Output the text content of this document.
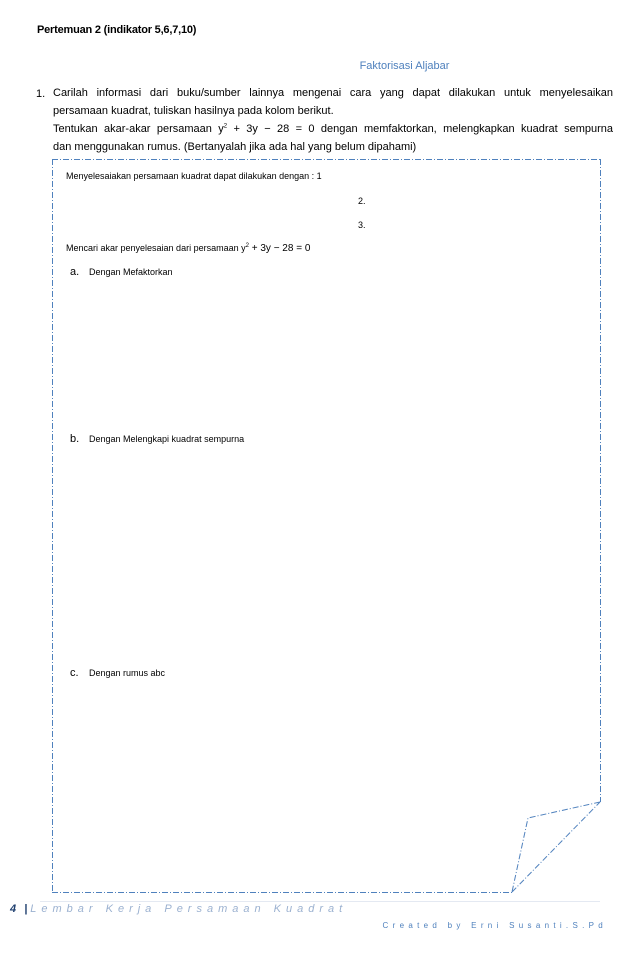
Pertemuan 2 (indikator 5,6,7,10)
Faktorisasi Aljabar
1. Carilah informasi dari buku/sumber lainnya mengenai cara yang dapat dilakukan untuk menyelesaikan

persamaan kuadrat, tuliskan hasilnya pada kolom berikut.

Tentukan akar-akar persamaan $y^2 + 3y - 28 = 0$ dengan memfaktorkan, melengkapkan kuadrat sempurna

dan menggunakan rumus. (Bertanyalah jika ada hal yang belum dipahami)

Menyelesaiakan persamaan kuadrat dapat dilakukan dengan : 1
2.
3.
Mencari akar penyelesaian dari persamaan $y^2 + 3y - 28 = 0$
a. Dengan Mefaktorkan
b. Dengan Melengkapi kuadrat sempurna
c. Dengan rumus abc
4 | Lembar Kerja Persamaan Kuadrat
Created by Erni Susanti.S.Pd
